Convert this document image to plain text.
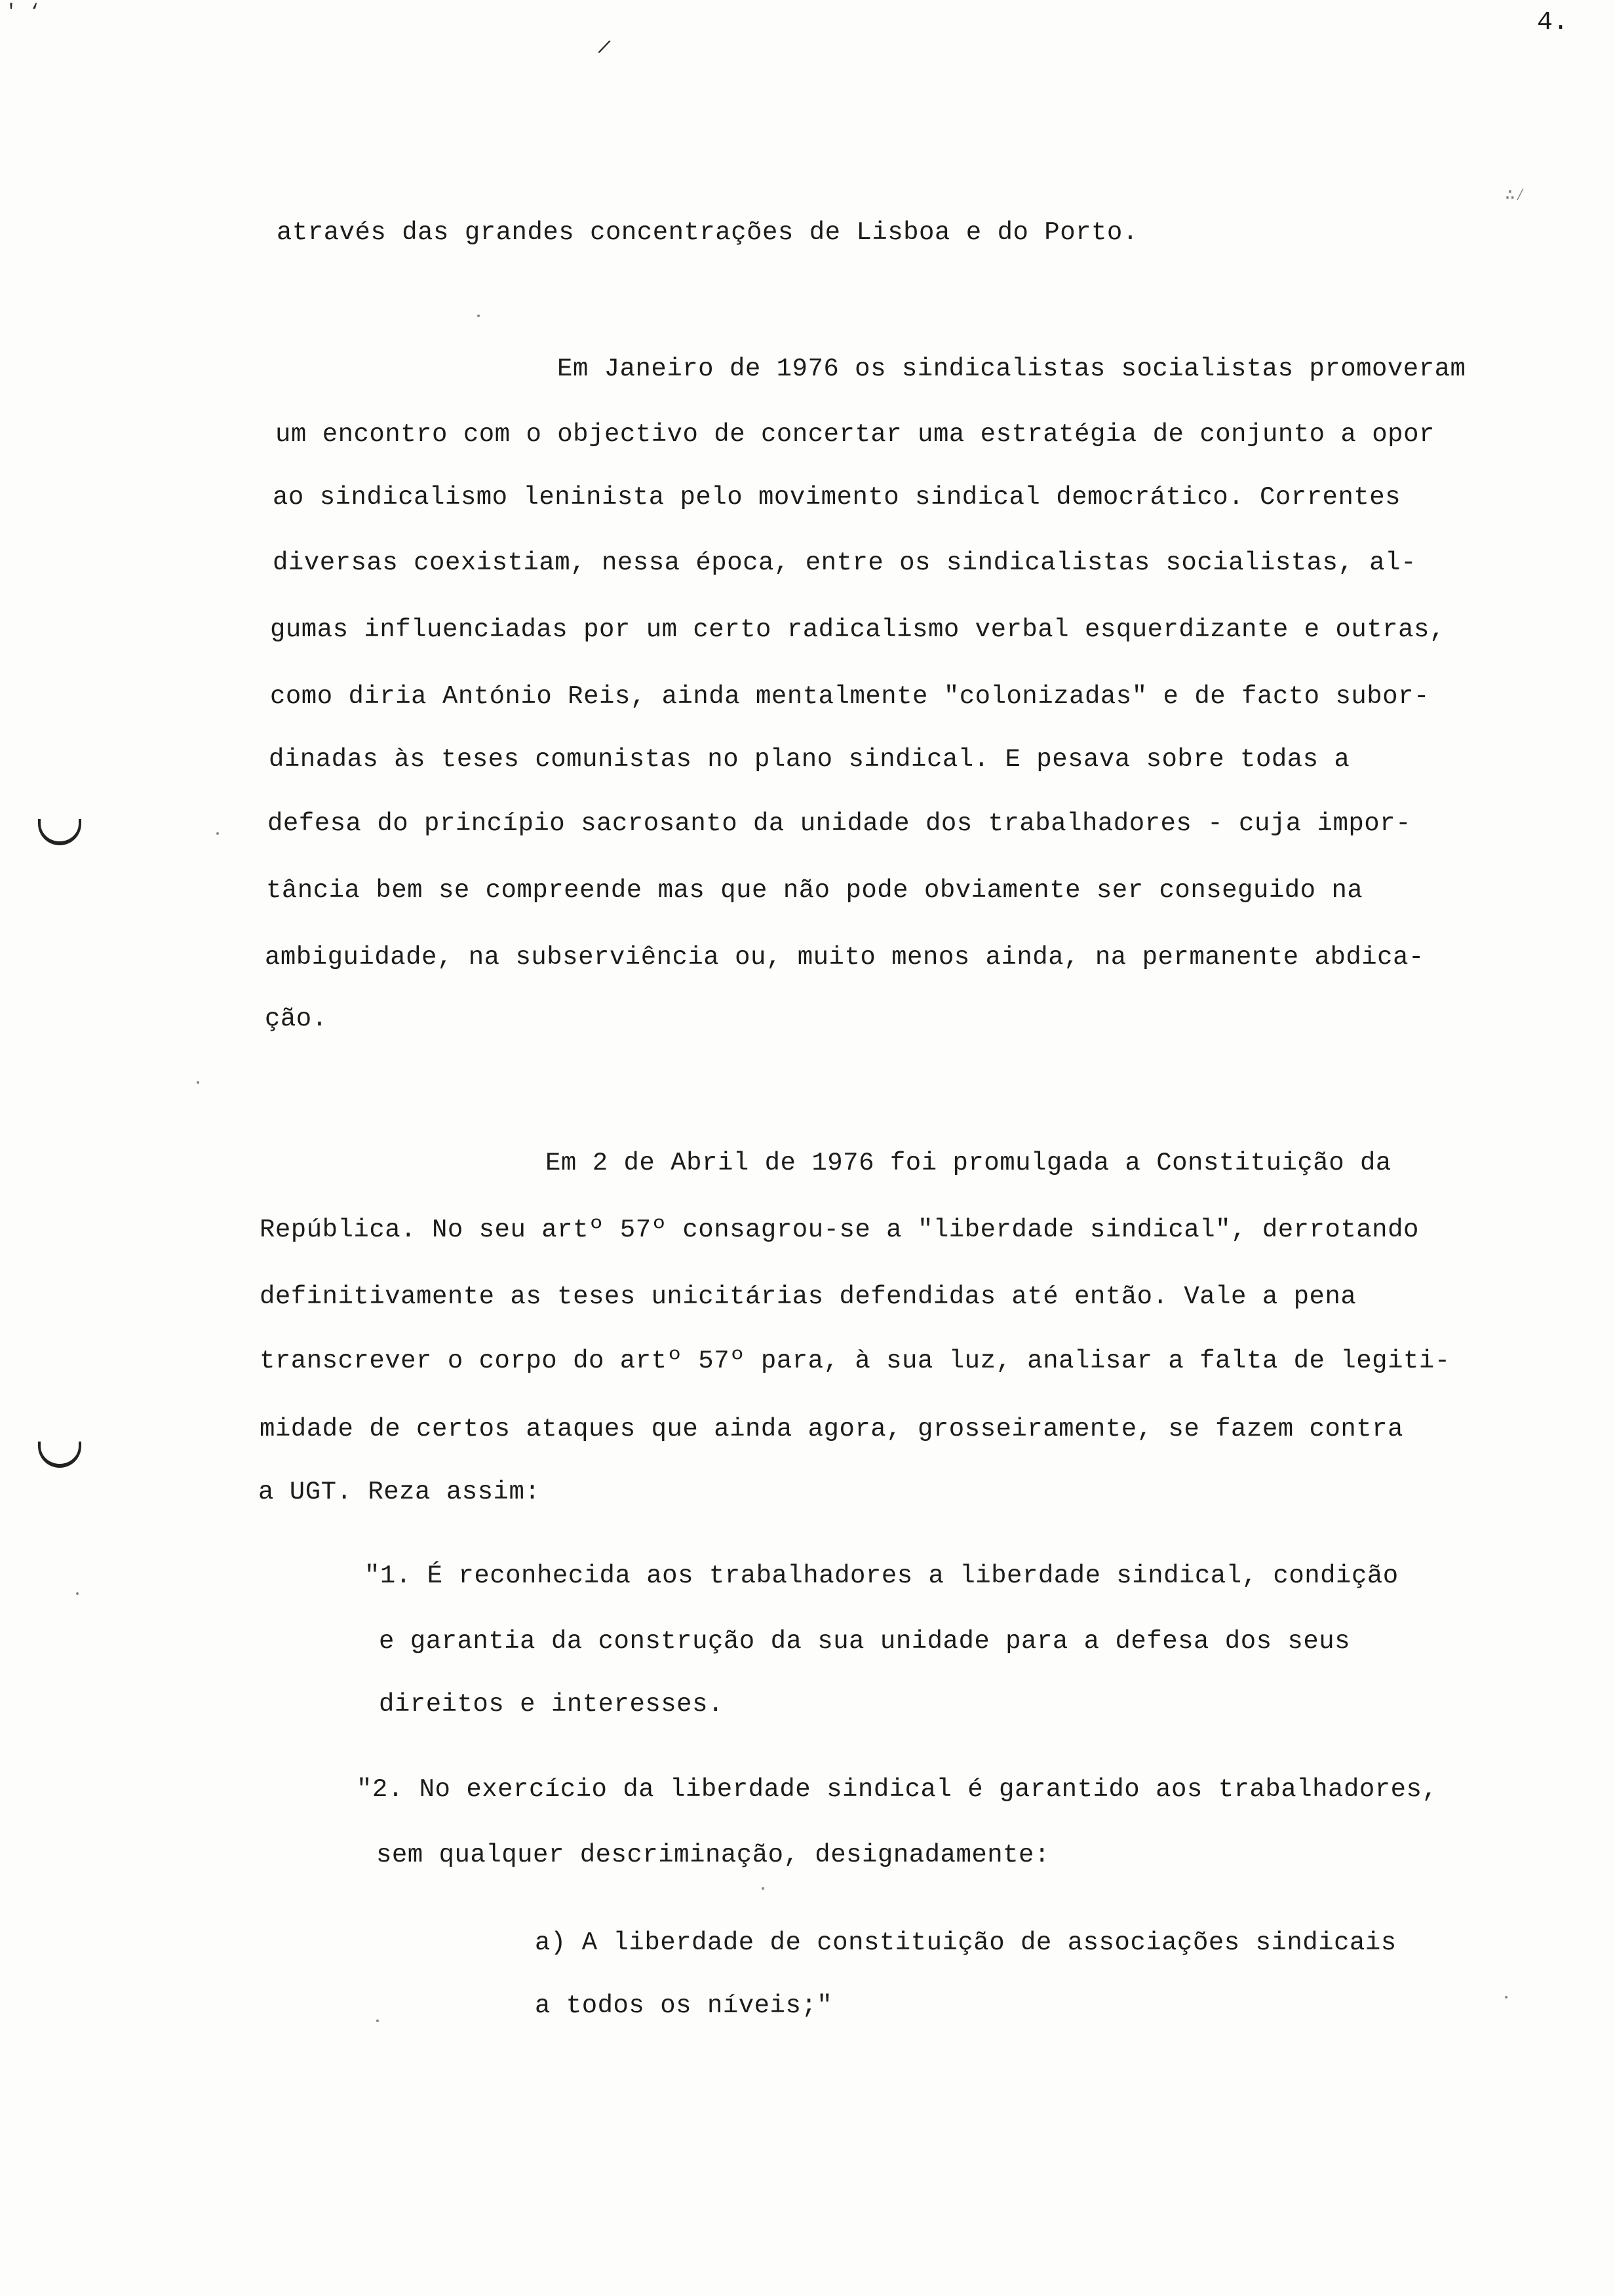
′ ‘
/
∴∕
4.
através das grandes concentrações de Lisboa e do Porto.
Em Janeiro de 1976 os sindicalistas socialistas promoveram
um encontro com o objectivo de concertar uma estratégia de conjunto a opor
ao sindicalismo leninista pelo movimento sindical democrático. Correntes
diversas coexistiam, nessa época, entre os sindicalistas socialistas, al-
gumas influenciadas por um certo radicalismo verbal esquerdizante e outras,
como diria António Reis, ainda mentalmente "colonizadas" e de facto subor-
dinadas às teses comunistas no plano sindical. E pesava sobre todas a
defesa do princípio sacrosanto da unidade dos trabalhadores - cuja impor-
tância bem se compreende mas que não pode obviamente ser conseguido na
ambiguidade, na subserviência ou, muito menos ainda, na permanente abdica-
ção.
Em 2 de Abril de 1976 foi promulgada a Constituição da
República. No seu artº 57º consagrou-se a "liberdade sindical", derrotando
definitivamente as teses unicitárias defendidas até então. Vale a pena
transcrever o corpo do artº 57º para, à sua luz, analisar a falta de legiti-
midade de certos ataques que ainda agora, grosseiramente, se fazem contra
a UGT. Reza assim:
"1. É reconhecida aos trabalhadores a liberdade sindical, condição
e garantia da construção da sua unidade para a defesa dos seus
direitos e interesses.
"2. No exercício da liberdade sindical é garantido aos trabalhadores,
sem qualquer descriminação, designadamente:
a) A liberdade de constituição de associações sindicais
a todos os níveis;"
